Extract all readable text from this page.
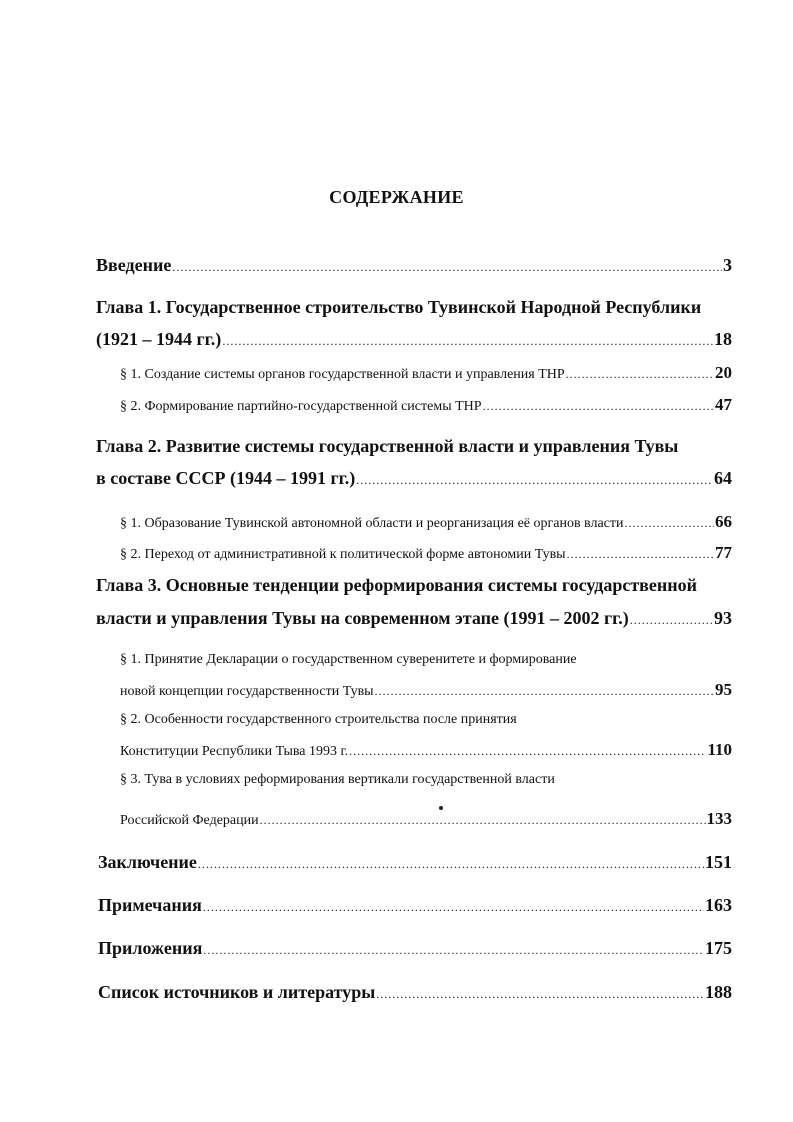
СОДЕРЖАНИЕ
Введение .....	3
Глава 1. Государственное строительство Тувинской Народной Республики
(1921 – 1944 гг.) .....	18
§ 1. Создание системы органов государственной власти и управления ТНР .....	20
§ 2. Формирование партийно-государственной системы ТНР .....	47
Глава 2. Развитие системы государственной власти и управления Тувы
в составе СССР (1944 – 1991 гг.) .....	64
§ 1. Образование Тувинской автономной области и реорганизация её органов власти .....	66
§ 2. Переход от административной к политической форме автономии Тувы .....	77
Глава 3. Основные тенденции реформирования системы государственной
власти и управления Тувы на современном этапе (1991 – 2002 гг.) .....	93
§ 1. Принятие Декларации о государственном суверенитете и формирование
новой концепции государственности Тувы .....	95
§ 2. Особенности государственного строительства после принятия
Конституции Республики Тыва 1993 г. .....	110
§ 3. Тува в условиях реформирования вертикали государственной власти
Российской Федерации .....	133
Заключение .....	151
Примечания .....	163
Приложения .....	175
Список источников и литературы .....	188
